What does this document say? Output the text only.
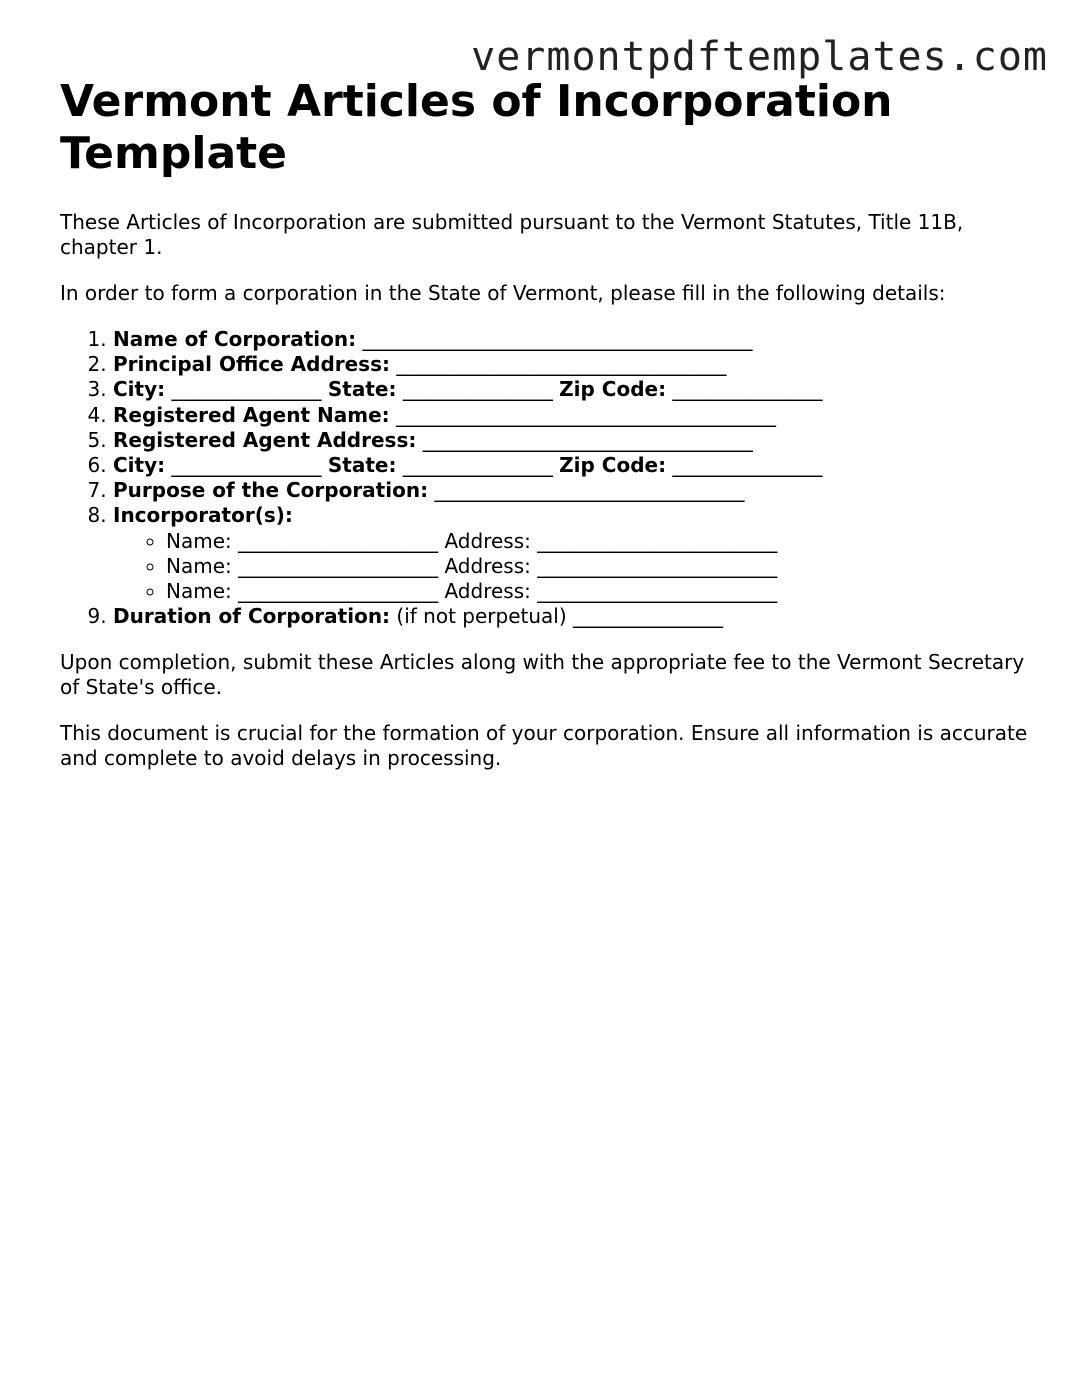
vermontpdftemplates.com
Vermont Articles of Incorporation Template

These Articles of Incorporation are submitted pursuant to the Vermont Statutes, Title 11B, chapter 1.

In order to form a corporation in the State of Vermont, please fill in the following details:

1. Name of Corporation: _______________________________________
2. Principal Office Address: _________________________________
3. City: _______________ State: _______________ Zip Code: _______________
4. Registered Agent Name: ______________________________________
5. Registered Agent Address: _________________________________
6. City: _______________ State: _______________ Zip Code: _______________
7. Purpose of the Corporation: _______________________________
8. Incorporator(s):
◦ Name: ____________________ Address: ________________________
◦ Name: ____________________ Address: ________________________
◦ Name: ____________________ Address: ________________________
9. Duration of Corporation: (if not perpetual) _______________

Upon completion, submit these Articles along with the appropriate fee to the Vermont Secretary of State's office.

This document is crucial for the formation of your corporation. Ensure all information is accurate and complete to avoid delays in processing.
